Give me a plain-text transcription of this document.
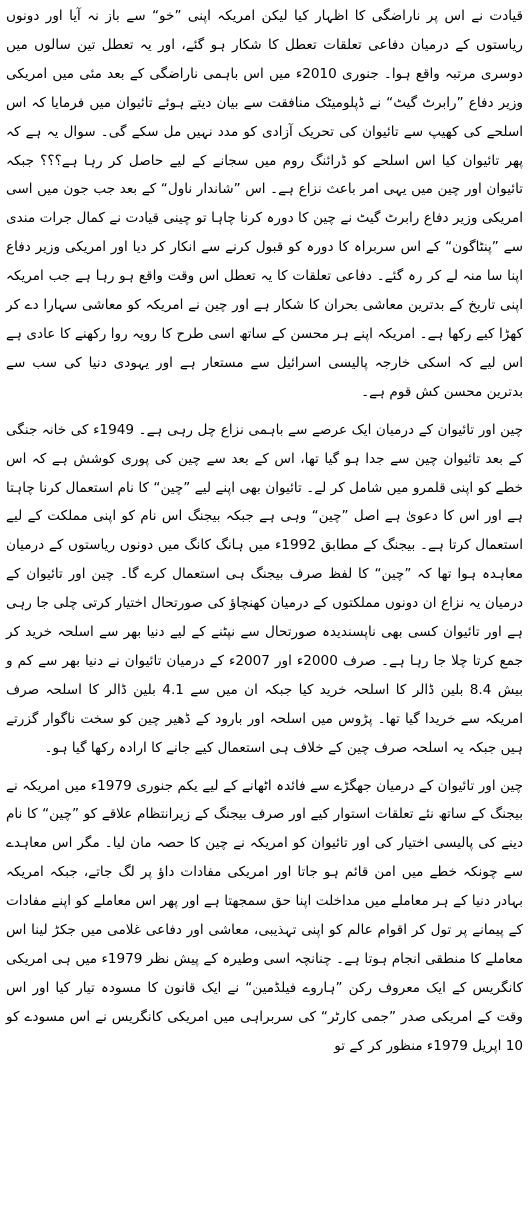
قیادت نے اس پر ناراضگی کا اظہار کیا لیکن امریکہ اپنی ”خو“ سے باز نہ آیا اور دونوں ریاستوں کے درمیان دفاعی تعلقات تعطل کا شکار ہو گئے، اور یہ تعطل تین سالوں میں دوسری مرتبہ واقع ہوا۔ جنوری 2010ء میں اس باہمی ناراضگی کے بعد مئی میں امریکی وزیر دفاع ”رابرٹ گیٹ“ نے ڈپلومیٹک منافقت سے بیان دیتے ہوئے تائیوان میں فرمایا کہ اس اسلحے کی کھیپ سے تائیوان کی تحریک آزادی کو مدد نہیں مل سکے گی۔ سوال یہ ہے کہ پھر تائیوان کیا اس اسلحے کو ڈرائنگ روم میں سجانے کے لیے حاصل کر رہا ہے؟؟؟ جبکہ تائیوان اور چین میں یہی امر باعث نزاع ہے۔ اس ”شاندار ناول“ کے بعد جب جون میں اسی امریکی وزیر دفاع رابرٹ گیٹ نے چین کا دورہ کرنا چاہا تو چینی قیادت نے کمال جرات مندی سے ”پنٹاگون“ کے اس سربراہ کا دورہ کو قبول کرنے سے انکار کر دیا اور امریکی وزیر دفاع اپنا سا منہ لے کر رہ گئے۔ دفاعی تعلقات کا یہ تعطل اس وقت واقع ہو رہا ہے جب امریکہ اپنی تاریخ کے بدترین معاشی بحران کا شکار ہے اور چین نے امریکہ کو معاشی سہارا دے کر کھڑا کیے رکھا ہے۔ امریکہ اپنے ہر محسن کے ساتھ اسی طرح کا رویہ روا رکھنے کا عادی ہے اس لیے کہ اسکی خارجہ پالیسی اسرائیل سے مستعار ہے اور یہودی دنیا کی سب سے بدترین محسن کش قوم ہے۔

چین اور تائیوان کے درمیان ایک عرصے سے باہمی نزاع چل رہی ہے۔ 1949ء کی خانہ جنگی کے بعد تائیوان چین سے جدا ہو گیا تھا، اس کے بعد سے چین کی پوری کوشش ہے کہ اس خطے کو اپنی قلمرو میں شامل کر لے۔ تائیوان بھی اپنے لیے ”چین“ کا نام استعمال کرنا چاہتا ہے اور اس کا دعویٰ ہے اصل ”چین“ وہی ہے جبکہ بیجنگ اس نام کو اپنی مملکت کے لیے استعمال کرتا ہے۔ بیجنگ کے مطابق 1992ء میں ہانگ کانگ میں دونوں ریاستوں کے درمیان معاہدہ ہوا تھا کہ ”چین“ کا لفظ صرف بیجنگ ہی استعمال کرے گا۔ چین اور تائیوان کے درمیان یہ نزاع ان دونوں مملکتوں کے درمیان کھنچاؤ کی صورتحال اختیار کرتی چلی جا رہی ہے اور تائیوان کسی بھی ناپسندیدہ صورتحال سے نپٹنے کے لیے دنیا بھر سے اسلحہ خرید کر جمع کرتا چلا جا رہا ہے۔ صرف 2000ء اور 2007ء کے درمیان تائیوان نے دنیا بھر سے کم و بیش 8.4 بلین ڈالر کا اسلحہ خرید کیا جبکہ ان میں سے 4.1 بلین ڈالر کا اسلحہ صرف امریکہ سے خریدا گیا تھا۔ پڑوس میں اسلحہ اور بارود کے ڈھیر چین کو سخت ناگوار گزرتے ہیں جبکہ یہ اسلحہ صرف چین کے خلاف ہی استعمال کیے جانے کا ارادہ رکھا گیا ہو۔

چین اور تائیوان کے درمیان جھگڑے سے فائدہ اٹھانے کے لیے یکم جنوری 1979ء میں امریکہ نے بیجنگ کے ساتھ نئے تعلقات استوار کیے اور صرف بیجنگ کے زیرانتظام علاقے کو ”چین“ کا نام دینے کی پالیسی اختیار کی اور تائیوان کو امریکہ نے چین کا حصہ مان لیا۔ مگر اس معاہدے سے چونکہ خطے میں امن قائم ہو جاتا اور امریکی مفادات داؤ پر لگ جاتے، جبکہ امریکہ بہادر دنیا کے ہر معاملے میں مداخلت اپنا حق سمجھتا ہے اور پھر اس معاملے کو اپنے مفادات کے پیمانے پر تول کر اقوام عالم کو اپنی تہذیبی، معاشی اور دفاعی غلامی میں جکڑ لینا اس معاملے کا منطقی انجام ہوتا ہے۔ چنانچہ اسی وطیرہ کے پیش نظر 1979ء میں ہی امریکی کانگریس کے ایک معروف رکن ”ہاروے فیلڈمین“ نے ایک قانون کا مسودہ تیار کیا اور اس وقت کے امریکی صدر ”جمی کارٹر“ کی سربراہی میں امریکی کانگریس نے اس مسودے کو 10 اپریل 1979ء منظور کر کے تو
